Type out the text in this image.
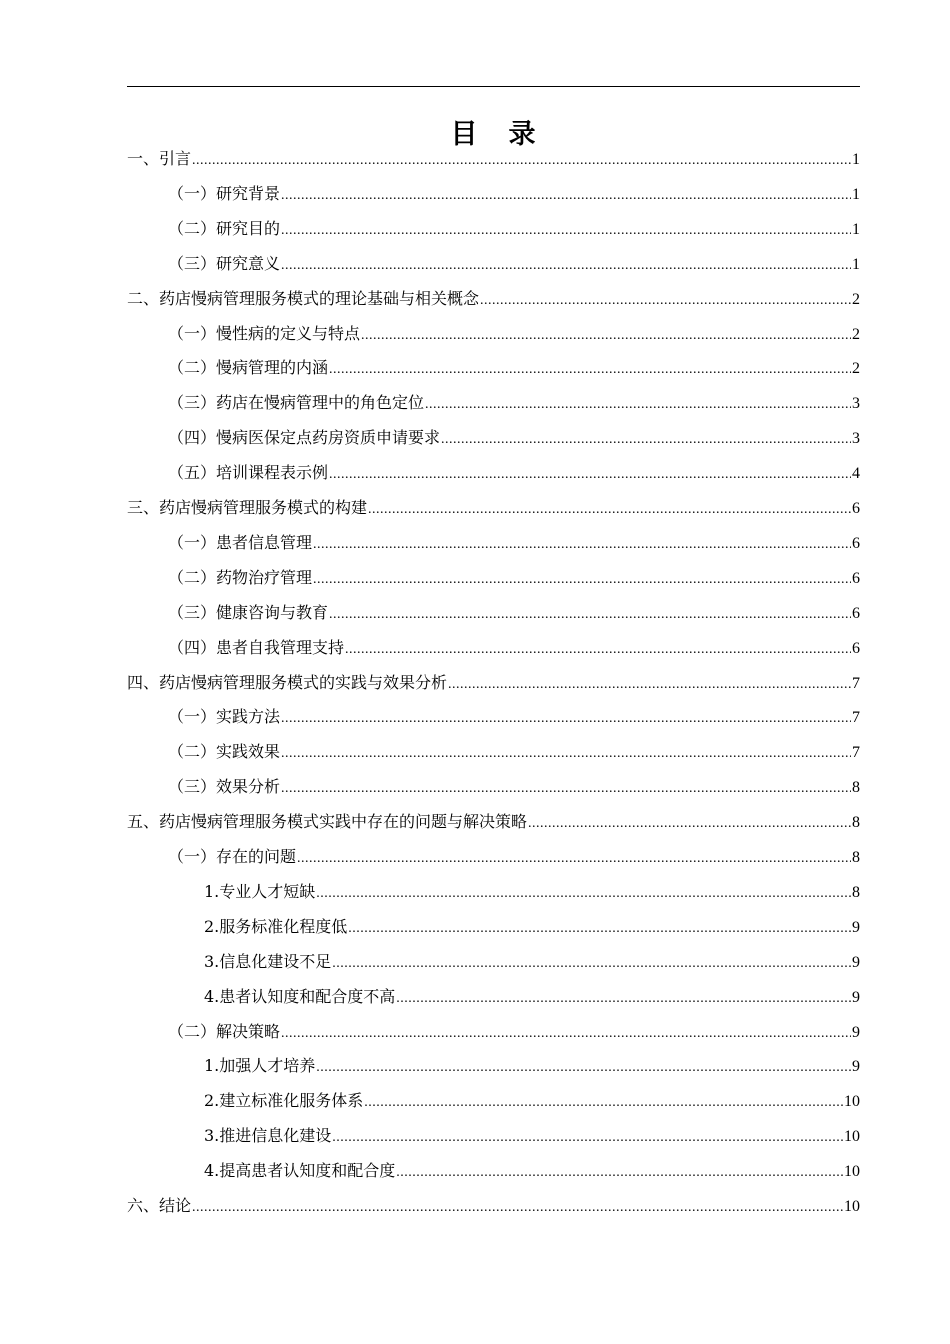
目　录
一、引言 .....	1
（一）研究背景 .....	1
（二）研究目的 .....	1
（三）研究意义 .....	1
二、药店慢病管理服务模式的理论基础与相关概念 .....	2
（一）慢性病的定义与特点 .....	2
（二）慢病管理的内涵 .....	2
（三）药店在慢病管理中的角色定位 .....	3
（四）慢病医保定点药房资质申请要求 .....	3
（五）培训课程表示例 .....	4
三、药店慢病管理服务模式的构建 .....	6
（一）患者信息管理 .....	6
（二）药物治疗管理 .....	6
（三）健康咨询与教育 .....	6
（四）患者自我管理支持 .....	6
四、药店慢病管理服务模式的实践与效果分析 .....	7
（一）实践方法 .....	7
（二）实践效果 .....	7
（三）效果分析 .....	8
五、药店慢病管理服务模式实践中存在的问题与解决策略 .....	8
（一）存在的问题 .....	8
1.专业人才短缺 .....	8
2.服务标准化程度低 .....	9
3.信息化建设不足 .....	9
4.患者认知度和配合度不高 .....	9
（二）解决策略 .....	9
1.加强人才培养 .....	9
2.建立标准化服务体系 .....	10
3.推进信息化建设 .....	10
4.提高患者认知度和配合度 .....	10
六、结论 .....	10
